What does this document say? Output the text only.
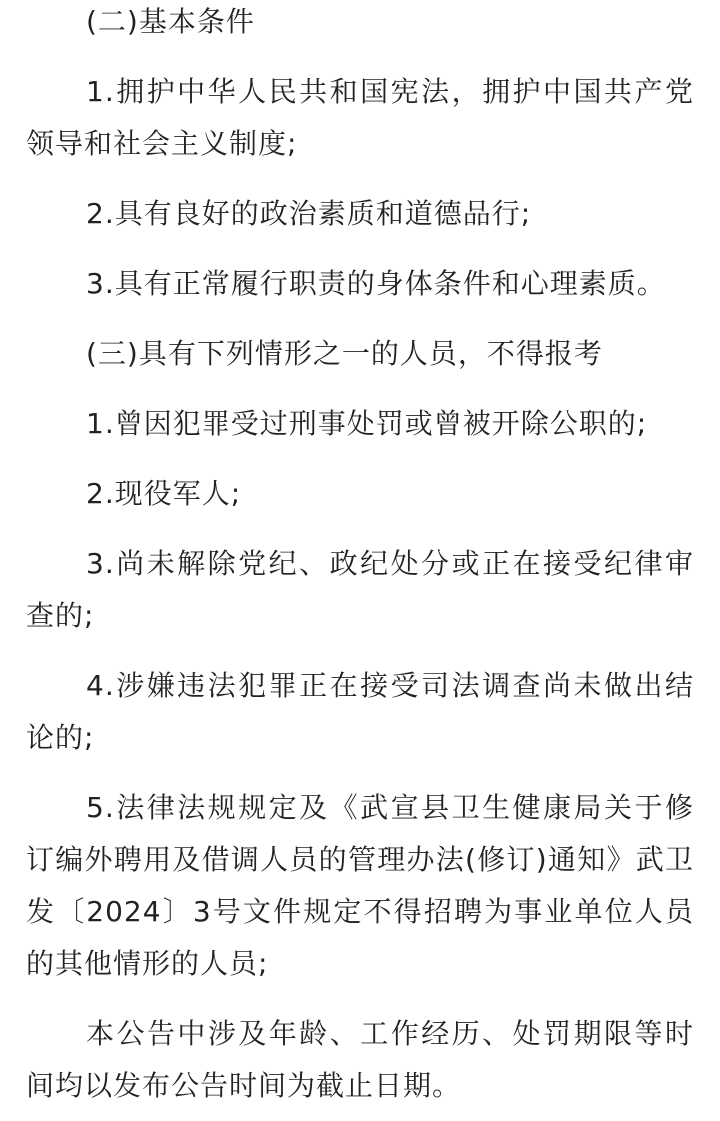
(二)基本条件

1.拥护中华人民共和国宪法，拥护中国共产党领导和社会主义制度;

2.具有良好的政治素质和道德品行;

3.具有正常履行职责的身体条件和心理素质。

(三)具有下列情形之一的人员，不得报考

1.曾因犯罪受过刑事处罚或曾被开除公职的;

2.现役军人;

3.尚未解除党纪、政纪处分或正在接受纪律审查的;

4.涉嫌违法犯罪正在接受司法调查尚未做出结论的;

5.法律法规规定及《武宣县卫生健康局关于修订编外聘用及借调人员的管理办法(修订)通知》武卫发〔2024〕3号文件规定不得招聘为事业单位人员的其他情形的人员;

本公告中涉及年龄、工作经历、处罚期限等时间均以发布公告时间为截止日期。
